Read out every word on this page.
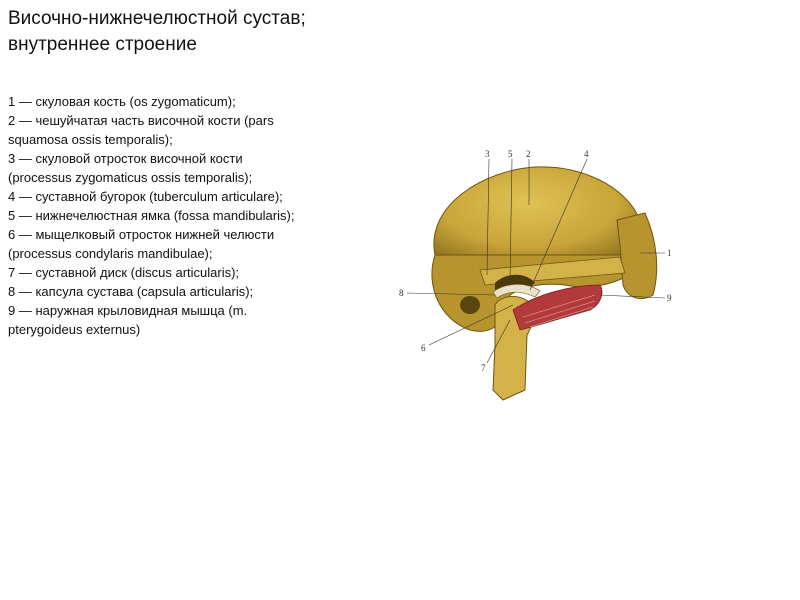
Височно-нижнечелюстной сустав; внутреннее строение
1 — скуловая кость (os zygomaticum);
2 — чешуйчатая часть височной кости (pars squamosa ossis temporalis);
3 — скуловой отросток височной кости (processus zygomaticus ossis temporalis);
4 — суставной бугорок (tuberculum articulare);
5 — нижнечелюстная ямка (fossa mandibularis);
6 — мыщелковый отросток нижней челюсти (processus condylaris mandibulae);
7 — суставной диск (discus articularis);
8 — капсула сустава (capsula articularis);
9 — наружная крыловидная мышца (m. pterygoideus externus)
3 5 2	4
1
8	9
6
7
